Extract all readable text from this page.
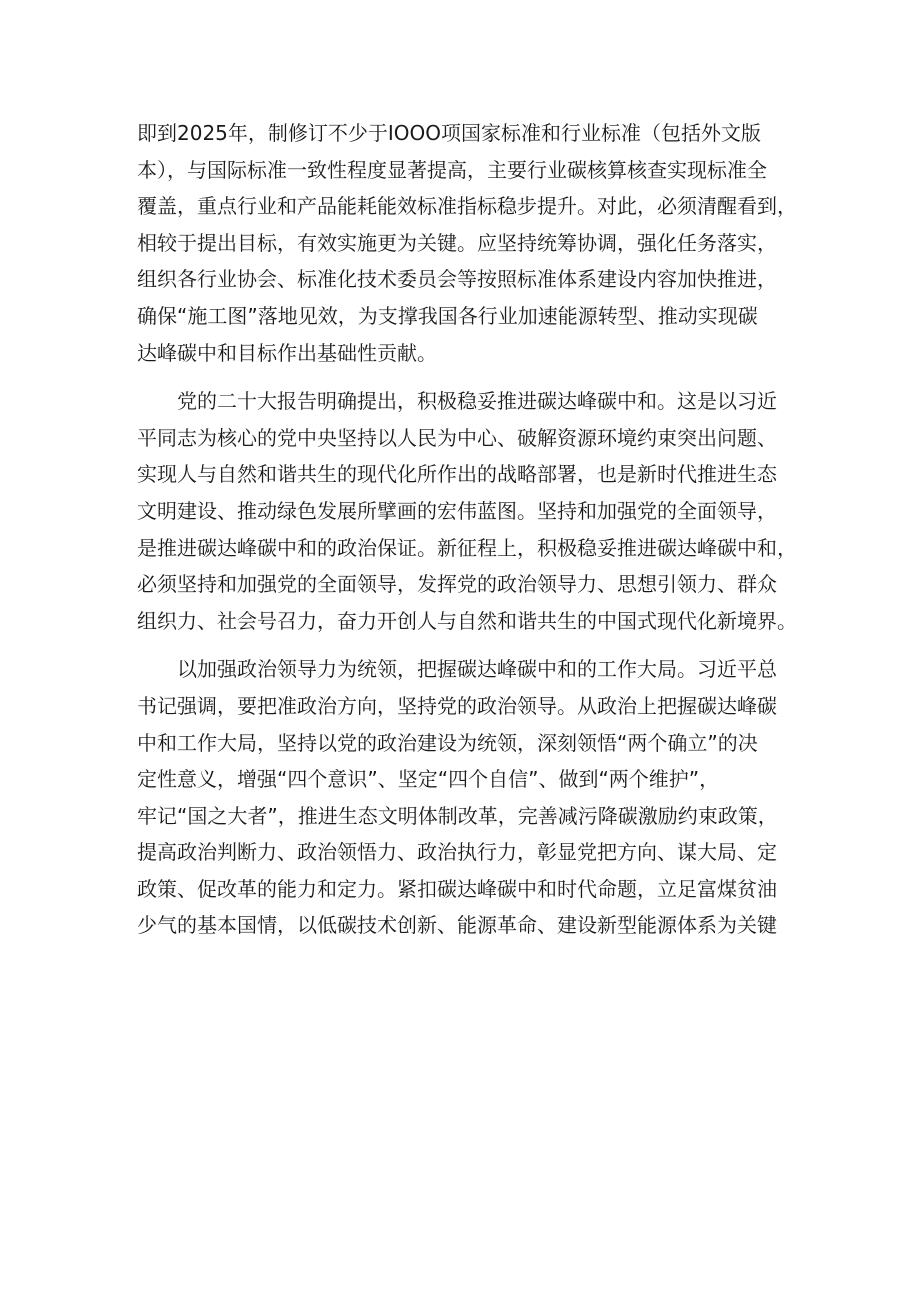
即到2025年，制修订不少于IOOO项国家标准和行业标准（包括外文版
本），与国际标准一致性程度显著提高，主要行业碳核算核查实现标准全
覆盖，重点行业和产品能耗能效标准指标稳步提升。对此，必须清醒看到，
相较于提出目标，有效实施更为关键。应坚持统筹协调，强化任务落实，
组织各行业协会、标准化技术委员会等按照标准体系建设内容加快推进，
确保“施工图”落地见效，为支撑我国各行业加速能源转型、推动实现碳
达峰碳中和目标作出基础性贡献。
党的二十大报告明确提出，积极稳妥推进碳达峰碳中和。这是以习近
平同志为核心的党中央坚持以人民为中心、破解资源环境约束突出问题、
实现人与自然和谐共生的现代化所作出的战略部署，也是新时代推进生态
文明建设、推动绿色发展所擘画的宏伟蓝图。坚持和加强党的全面领导，
是推进碳达峰碳中和的政治保证。新征程上，积极稳妥推进碳达峰碳中和，
必须坚持和加强党的全面领导，发挥党的政治领导力、思想引领力、群众
组织力、社会号召力，奋力开创人与自然和谐共生的中国式现代化新境界。
以加强政治领导力为统领，把握碳达峰碳中和的工作大局。习近平总
书记强调，要把准政治方向，坚持党的政治领导。从政治上把握碳达峰碳
中和工作大局，坚持以党的政治建设为统领，深刻领悟“两个确立”的决
定性意义，增强“四个意识”、坚定“四个自信”、做到“两个维护”，
牢记“国之大者”，推进生态文明体制改革，完善减污降碳激励约束政策，
提高政治判断力、政治领悟力、政治执行力，彰显党把方向、谋大局、定
政策、促改革的能力和定力。紧扣碳达峰碳中和时代命题，立足富煤贫油
少气的基本国情，以低碳技术创新、能源革命、建设新型能源体系为关键
